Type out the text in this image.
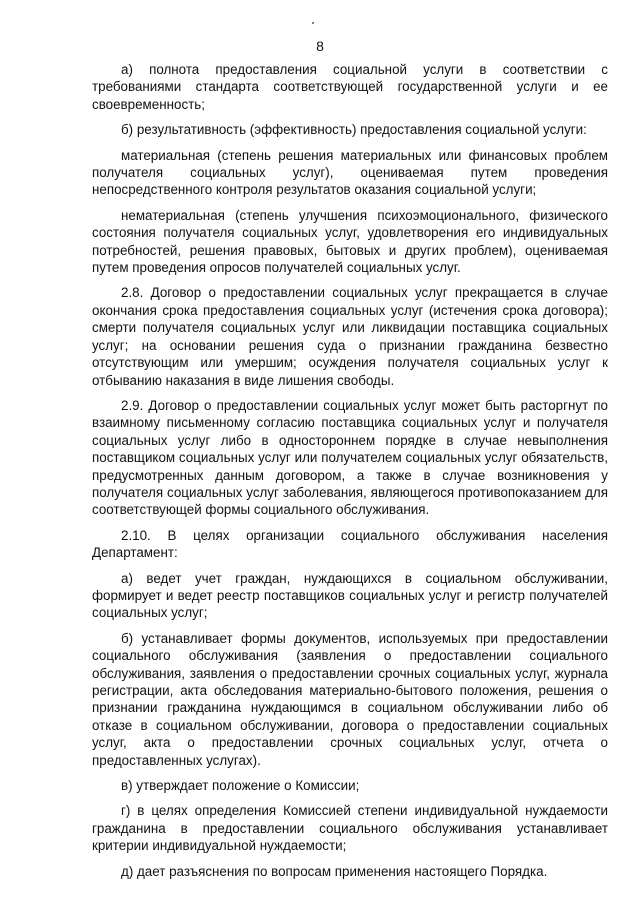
8

а) полнота предоставления социальной услуги в соответствии с требованиями стандарта соответствующей государственной услуги и ее своевременность;

б) результативность (эффективность) предоставления социальной услуги:

материальная (степень решения материальных или финансовых проблем получателя социальных услуг), оцениваемая путем проведения непосредственного контроля результатов оказания социальной услуги;

нематериальная (степень улучшения психоэмоционального, физического состояния получателя социальных услуг, удовлетворения его индивидуальных потребностей, решения правовых, бытовых и других проблем), оцениваемая путем проведения опросов получателей социальных услуг.

2.8. Договор о предоставлении социальных услуг прекращается в случае окончания срока предоставления социальных услуг (истечения срока договора); смерти получателя социальных услуг или ликвидации поставщика социальных услуг; на основании решения суда о признании гражданина безвестно отсутствующим или умершим; осуждения получателя социальных услуг к отбыванию наказания в виде лишения свободы.

2.9. Договор о предоставлении социальных услуг может быть расторгнут по взаимному письменному согласию поставщика социальных услуг и получателя социальных услуг либо в одностороннем порядке в случае невыполнения поставщиком социальных услуг или получателем социальных услуг обязательств, предусмотренных данным договором, а также в случае возникновения у получателя социальных услуг заболевания, являющегося противопоказанием для соответствующей формы социального обслуживания.

2.10. В целях организации социального обслуживания населения Департамент:

а) ведет учет граждан, нуждающихся в социальном обслуживании, формирует и ведет реестр поставщиков социальных услуг и регистр получателей социальных услуг;

б) устанавливает формы документов, используемых при предоставлении социального обслуживания (заявления о предоставлении социального обслуживания, заявления о предоставлении срочных социальных услуг, журнала регистрации, акта обследования материально-бытового положения, решения о признании гражданина нуждающимся в социальном обслуживании либо об отказе в социальном обслуживании, договора о предоставлении социальных услуг, акта о предоставлении срочных социальных услуг, отчета о предоставленных услугах).

в) утверждает положение о Комиссии;

г) в целях определения Комиссией степени индивидуальной нуждаемости гражданина в предоставлении социального обслуживания устанавливает критерии индивидуальной нуждаемости;

д) дает разъяснения по вопросам применения настоящего Порядка.
